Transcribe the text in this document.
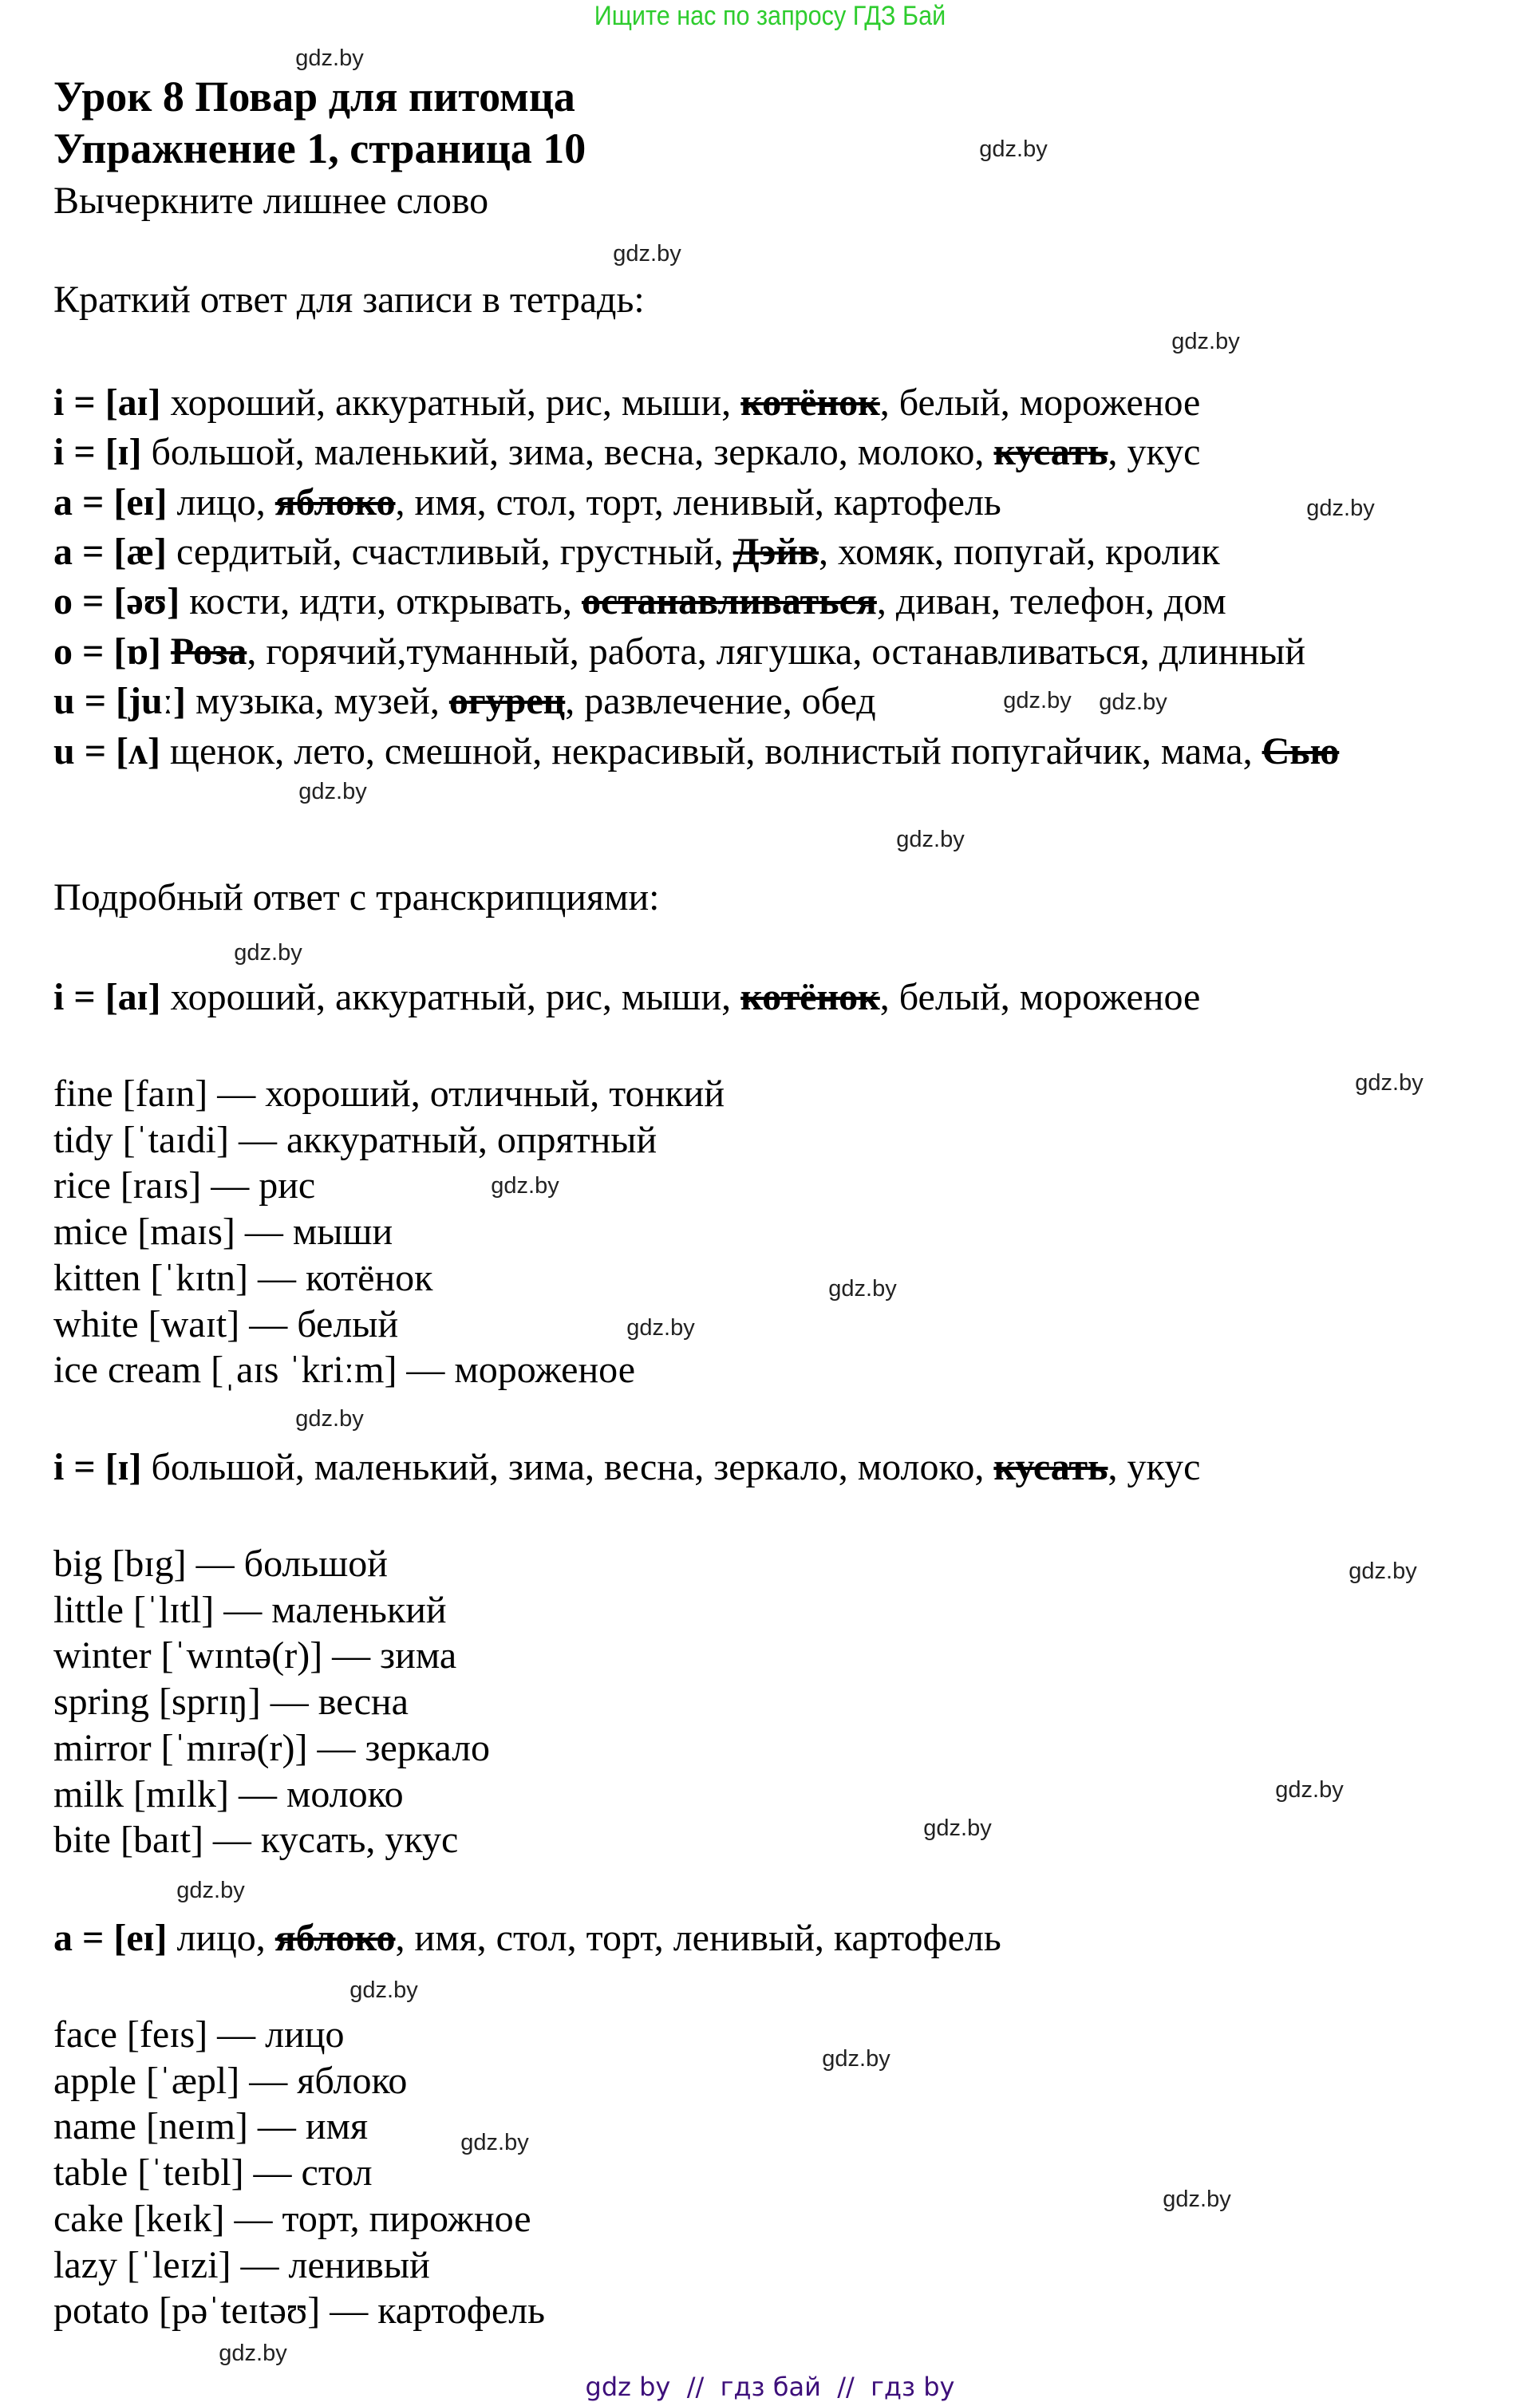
Ищите нас по запросу ГДЗ Бай
Урок 8 Повар для питомца
Упражнение 1, страница 10
Вычеркните лишнее слово
Краткий ответ для записи в тетрадь:
i = [aɪ] хороший, аккуратный, рис, мыши, котёнок, белый, мороженое
i = [ɪ] большой, маленький, зима, весна, зеркало, молоко, кусать, укус
a = [eɪ] лицо, яблоко, имя, стол, торт, ленивый, картофель
a = [æ] сердитый, счастливый, грустный, Дэйв, хомяк, попугай, кролик
o = [əʊ] кости, идти, открывать, останавливаться, диван, телефон, дом
o = [ɒ] Роза, горячий,туманный, работа, лягушка, останавливаться, длинный
u = [juː] музыка, музей, огурец, развлечение, обед
u = [ʌ] щенок, лето, смешной, некрасивый, волнистый попугайчик, мама, Сью
Подробный ответ с транскрипциями:
i = [aɪ] хороший, аккуратный, рис, мыши, котёнок, белый, мороженое
fine [faɪn] — хороший, отличный, тонкий
tidy [ˈtaɪdi] — аккуратный, опрятный
rice [raɪs] — рис
mice [maɪs] — мыши
kitten [ˈkɪtn] — котёнок
white [waɪt] — белый
ice cream [ˌaɪs ˈkriːm] — мороженое
i = [ɪ] большой, маленький, зима, весна, зеркало, молоко, кусать, укус
big [bɪg] — большой
little [ˈlɪtl] — маленький
winter [ˈwɪntə(r)] — зима
spring [sprɪŋ] — весна
mirror [ˈmɪrə(r)] — зеркало
milk [mɪlk] — молоко
bite [baɪt] — кусать, укус
a = [eɪ] лицо, яблоко, имя, стол, торт, ленивый, картофель
face [feɪs] — лицо
apple [ˈæpl] — яблоко
name [neɪm] — имя
table [ˈteɪbl] — стол
cake [keɪk] — торт, пирожное
lazy [ˈleɪzi] — ленивый
potato [pəˈteɪtəʊ] — картофель
gdz.by
gdz.by
gdz.by
gdz.by
gdz.by
gdz.by
gdz.by
gdz.by
gdz.by
gdz.by
gdz.by
gdz.by
gdz.by
gdz.by
gdz.by
gdz.by
gdz.by
gdz.by
gdz.by
gdz.by
gdz.by
gdz.by
gdz.by
gdz.by
gdz by  //  гдз бай  //  гдз by
